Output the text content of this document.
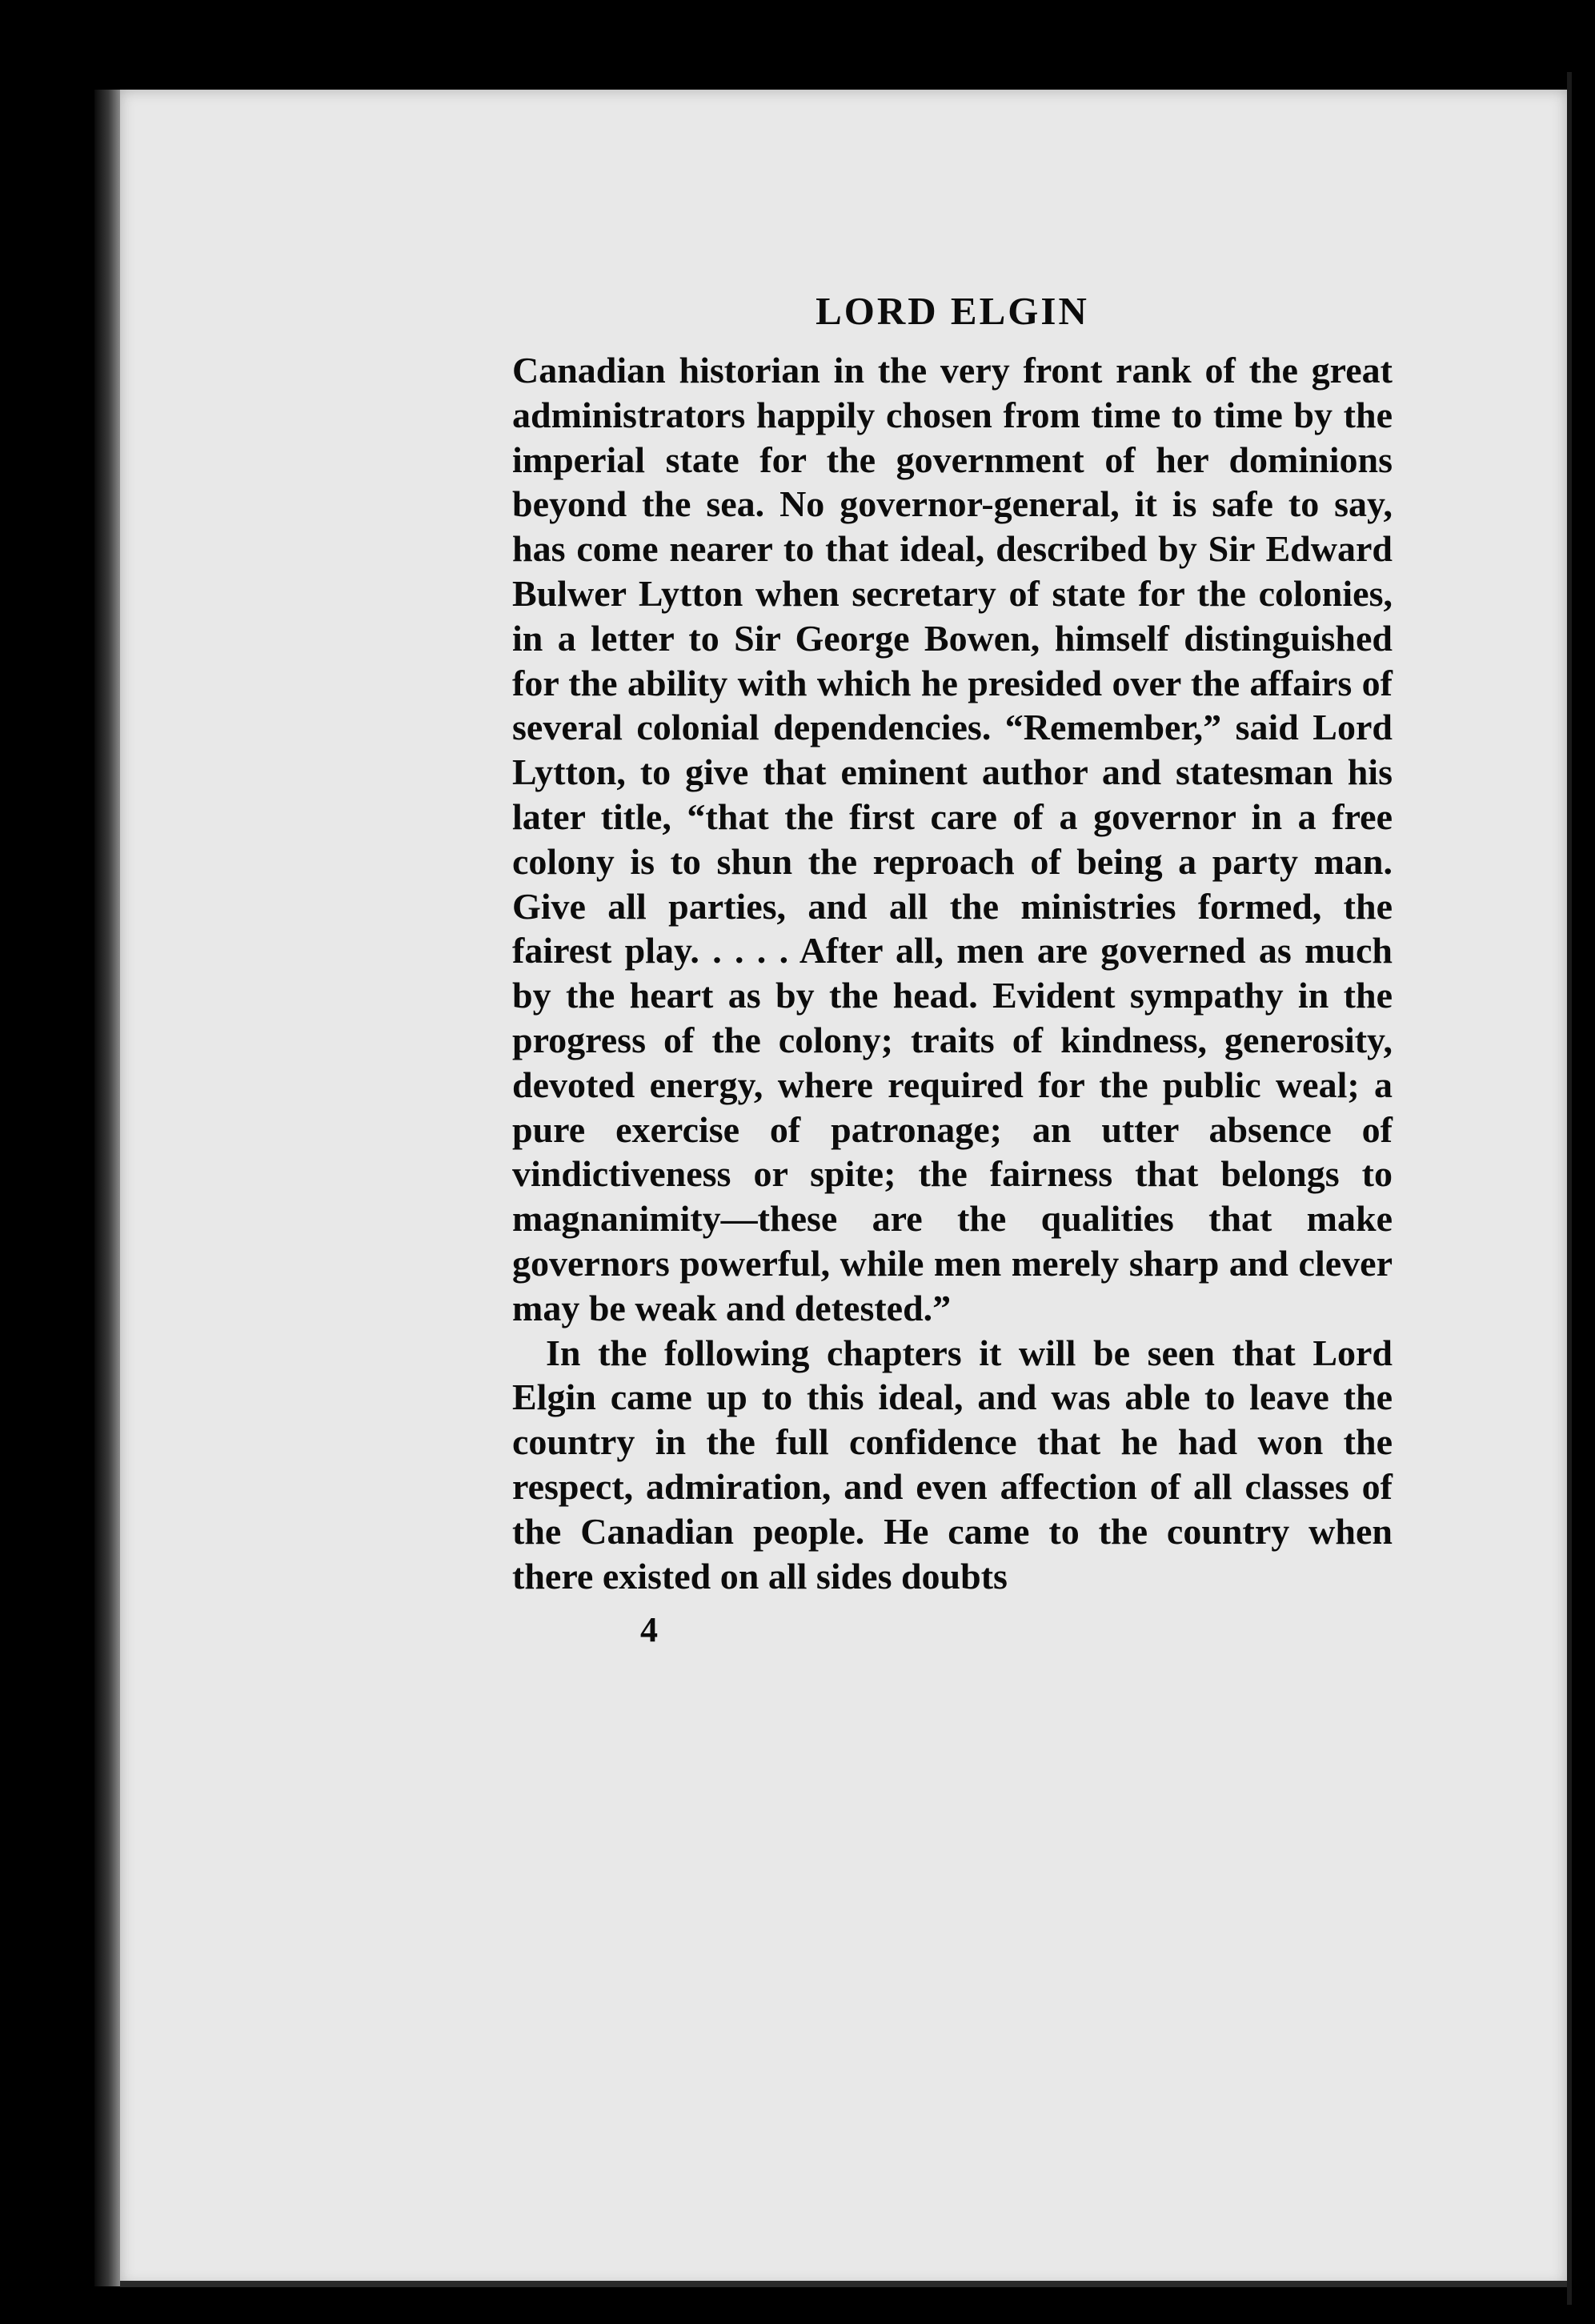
LORD ELGIN

Canadian historian in the very front rank of the great administrators happily chosen from time to time by the imperial state for the government of her dominions beyond the sea. No governor-general, it is safe to say, has come nearer to that ideal, described by Sir Edward Bulwer Lytton when secretary of state for the colonies, in a letter to Sir George Bowen, himself distinguished for the ability with which he presided over the affairs of several colonial dependencies. “Remember,” said Lord Lytton, to give that eminent author and statesman his later title, “that the first care of a governor in a free colony is to shun the reproach of being a party man. Give all parties, and all the ministries formed, the fairest play. . . . . After all, men are governed as much by the heart as by the head. Evident sympathy in the progress of the colony; traits of kindness, generosity, devoted energy, where required for the public weal; a pure exercise of patronage; an utter absence of vindictiveness or spite; the fairness that belongs to magnanimity—these are the qualities that make governors powerful, while men merely sharp and clever may be weak and detested.”

In the following chapters it will be seen that Lord Elgin came up to this ideal, and was able to leave the country in the full confidence that he had won the respect, admiration, and even affection of all classes of the Canadian people. He came to the country when there existed on all sides doubts

4
